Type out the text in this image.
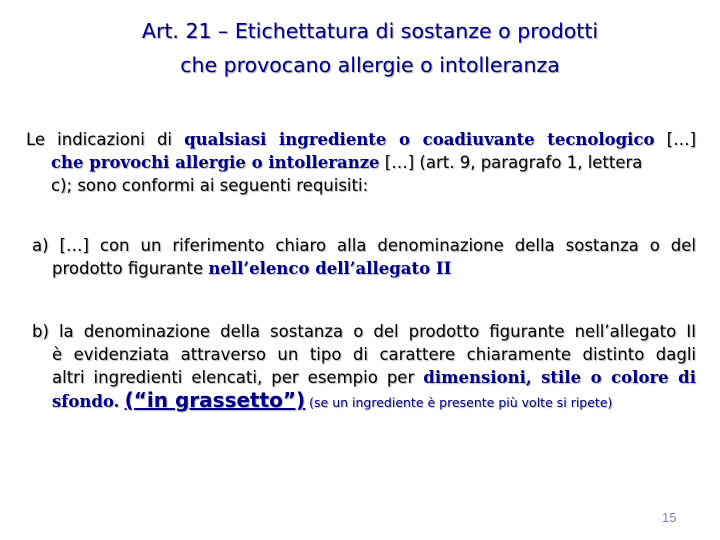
Art. 21 – Etichettatura di sostanze o prodotti
che provocano allergie o intolleranza
Le indicazioni di qualsiasi ingrediente o coadiuvante tecnologico […]
che provochi allergie o intolleranze […] (art. 9, paragrafo 1, lettera
c); sono conformi ai seguenti requisiti:
a) […] con un riferimento chiaro alla denominazione della sostanza o del
prodotto figurante nell’elenco dell’allegato II
b) la denominazione della sostanza o del prodotto figurante nell’allegato II
è evidenziata attraverso un tipo di carattere chiaramente distinto dagli
altri ingredienti elencati, per esempio per dimensioni, stile o colore di
sfondo. (“in grassetto”) (se un ingrediente è presente più volte si ripete)
15
